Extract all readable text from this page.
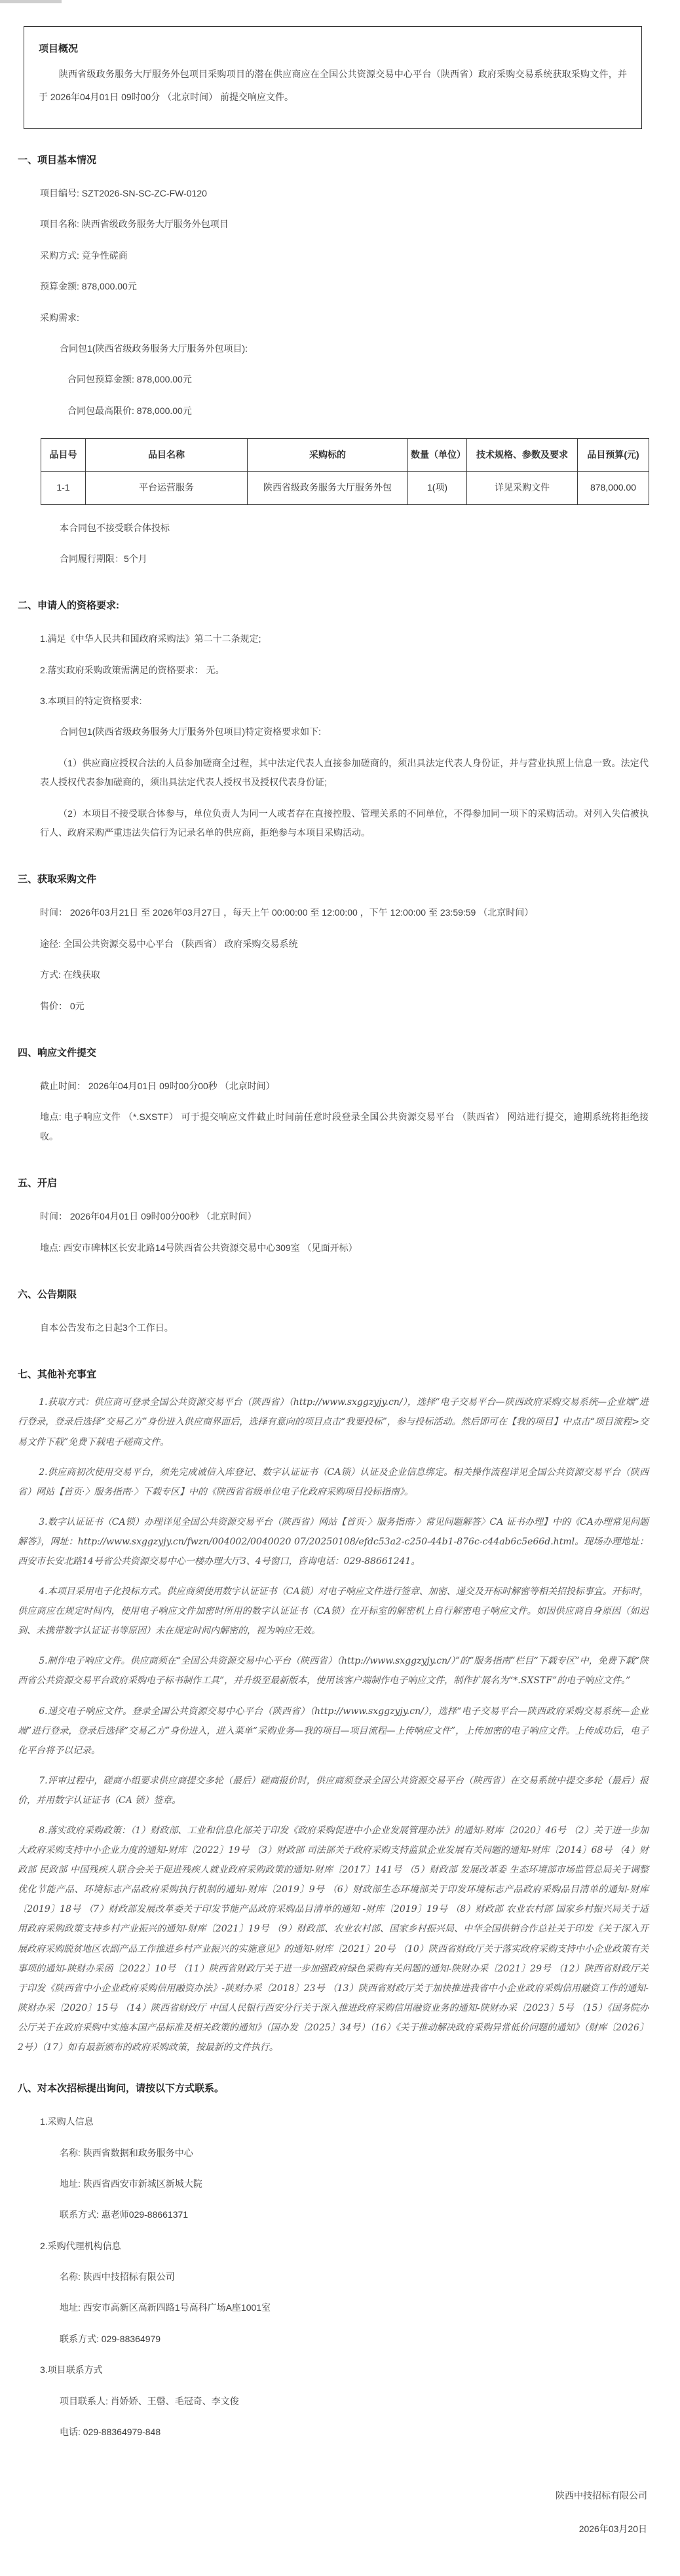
项目概况
陕西省级政务服务大厅服务外包项目采购项目的潜在供应商应在全国公共资源交易中心平台（陕西省）政府采购交易系统获取采购文件，并于 2026年04月01日 09时00分 （北京时间） 前提交响应文件。
一、项目基本情况
项目编号: SZT2026-SN-SC-ZC-FW-0120
项目名称: 陕西省级政务服务大厅服务外包项目
采购方式: 竞争性磋商
预算金额: 878,000.00元
采购需求:
合同包1(陕西省级政务服务大厅服务外包项目):
合同包预算金额: 878,000.00元
合同包最高限价: 878,000.00元
品目号	品目名称	采购标的	数量（单位）	技术规格、参数及要求	品目预算(元)
1-1	平台运营服务	陕西省级政务服务大厅服务外包	1(项)	详见采购文件	878,000.00
本合同包不接受联合体投标
合同履行期限：5个月
二、申请人的资格要求:
1.满足《中华人民共和国政府采购法》第二十二条规定;
2.落实政府采购政策需满足的资格要求： 无。
3.本项目的特定资格要求:
合同包1(陕西省级政务服务大厅服务外包项目)特定资格要求如下:
（1）供应商应授权合法的人员参加磋商全过程，其中法定代表人直接参加磋商的，须出具法定代表人身份证，并与营业执照上信息一致。法定代表人授权代表参加磋商的，须出具法定代表人授权书及授权代表身份证;
（2）本项目不接受联合体参与，单位负责人为同一人或者存在直接控股、管理关系的不同单位，不得参加同一项下的采购活动。对列入失信被执行人、政府采购严重违法失信行为记录名单的供应商，拒绝参与本项目采购活动。
三、获取采购文件
时间： 2026年03月21日 至 2026年03月27日 ，每天上午 00:00:00 至 12:00:00 ，下午 12:00:00 至 23:59:59 （北京时间）
途径: 全国公共资源交易中心平台 （陕西省） 政府采购交易系统
方式: 在线获取
售价： 0元
四、响应文件提交
截止时间： 2026年04月01日 09时00分00秒 （北京时间）
地点: 电子响应文件 （*.SXSTF） 可于提交响应文件截止时间前任意时段登录全国公共资源交易平台 （陕西省） 网站进行提交，逾期系统将拒绝接收。
五、开启
时间： 2026年04月01日 09时00分00秒 （北京时间）
地点: 西安市碑林区长安北路14号陕西省公共资源交易中心309室 （见面开标）
六、公告期限
自本公告发布之日起3个工作日。
七、其他补充事宜
1.获取方式：供应商可登录全国公共资源交易平台（陕西省）（http://www.sxggzyjy.cn/），选择“电子交易平台—陕西政府采购交易系统—企业端”进行登录，登录后选择“交易乙方”身份进入供应商界面后，选择有意向的项目点击“我要投标”，参与投标活动。然后即可在【我的项目】中点击“项目流程>交易文件下载”免费下载电子磋商文件。
2.供应商初次使用交易平台，须先完成诚信入库登记、数字认证证书（CA锁）认证及企业信息绑定。相关操作流程详见全国公共资源交易平台（陕西省）网站【首页·〉服务指南·〉下载专区】中的《陕西省省级单位电子化政府采购项目投标指南》。
3.数字认证证书（CA锁）办理详见全国公共资源交易平台（陕西省）网站【首页·〉服务指南·〉常见问题解答〉CA 证书办理】中的《CA办理常见问题解答》，网址：http://www.sxggzyjy.cn/fwzn/004002/0040020 07/20250108/efdc53a2-c250-44b1-876c-c44ab6c5e66d.html。现场办理地址：西安市长安北路14号省公共资源交易中心一楼办理大厅3、4号窗口，咨询电话：029-88661241。
4.本项目采用电子化投标方式。供应商须使用数字认证证书（CA锁）对电子响应文件进行签章、加密、递交及开标时解密等相关招投标事宜。开标时，供应商应在规定时间内，使用电子响应文件加密时所用的数字认证证书（CA锁）在开标室的解密机上自行解密电子响应文件。如因供应商自身原因（如迟到、未携带数字认证证书等原因）未在规定时间内解密的，视为响应无效。
5.制作电子响应文件。供应商须在“全国公共资源交易中心平台（陕西省）（http://www.sxggzyjy.cn/）”的“服务指南”栏目“下载专区”中，免费下载“陕西省公共资源交易平台政府采购电子标书制作工具”，并升级至最新版本，使用该客户端制作电子响应文件，制作扩展名为“*.SXSTF”的电子响应文件。”
6.递交电子响应文件。登录全国公共资源交易中心平台（陕西省）（http://www.sxggzyjy.cn/），选择“电子交易平台—陕西政府采购交易系统—企业端”进行登录，登录后选择“交易乙方”身份进入，进入菜单“采购业务—我的项目—项目流程—上传响应文件”，上传加密的电子响应文件。上传成功后，电子化平台将予以记录。
7.评审过程中，磋商小组要求供应商提交多轮（最后）磋商报价时，供应商须登录全国公共资源交易平台（陕西省）在交易系统中提交多轮（最后）报价，并用数字认证证书（CA 锁）签章。
8.落实政府采购政策：（1）财政部、工业和信息化部关于印发《政府采购促进中小企业发展管理办法》的通知-财库〔2020〕46号 （2）关于进一步加大政府采购支持中小企业力度的通知-财库〔2022〕19号 （3）财政部 司法部关于政府采购支持监狱企业发展有关问题的通知-财库〔2014〕68号 （4）财政部 民政部 中国残疾人联合会关于促进残疾人就业政府采购政策的通知-财库〔2017〕141号 （5）财政部 发展改革委 生态环境部市场监管总局关于调整优化节能产品、环境标志产品政府采购执行机制的通知-财库〔2019〕9号 （6）财政部生态环境部关于印发环境标志产品政府采购品目清单的通知-财库〔2019〕18号 （7）财政部发展改革委关于印发节能产品政府采购品目清单的通知 -财库〔2019〕19号 （8）财政部 农业农村部 国家乡村振兴局关于适用政府采购政策支持乡村产业振兴的通知-财库〔2021〕19号 （9）财政部、农业农村部、国家乡村振兴局、中华全国供销合作总社关于印发《关于深入开展政府采购脱贫地区农副产品工作推进乡村产业振兴的实施意见》的通知-财库〔2021〕20号 （10）陕西省财政厅关于落实政府采购支持中小企业政策有关事项的通知-陕财办采函〔2022〕10号 （11）陕西省财政厅关于进一步加强政府绿色采购有关问题的通知-陕财办采〔2021〕29号 （12）陕西省财政厅关于印发《陕西省中小企业政府采购信用融资办法》-陕财办采〔2018〕23号 （13）陕西省财政厅关于加快推进我省中小企业政府采购信用融资工作的通知-陕财办采〔2020〕15号 （14）陕西省财政厅 中国人民银行西安分行关于深入推进政府采购信用融资业务的通知-陕财办采〔2023〕5号 （15）《国务院办公厅关于在政府采购中实施本国产品标准及相关政策的通知》（国办发〔2025〕34号）（16）《关于推动解决政府采购异常低价问题的通知》（财库〔2026〕2号）（17）如有最新颁布的政府采购政策，按最新的文件执行。
八、对本次招标提出询问，请按以下方式联系。
1.采购人信息
名称: 陕西省数据和政务服务中心
地址: 陕西省西安市新城区新城大院
联系方式: 惠老师029-88661371
2.采购代理机构信息
名称: 陕西中技招标有限公司
地址: 西安市高新区高新四路1号高科广场A座1001室
联系方式: 029-88364979
3.项目联系方式
项目联系人: 肖娇娇、王罄、毛冠奇、李文俊
电话: 029-88364979-848
陕西中技招标有限公司
2026年03月20日
